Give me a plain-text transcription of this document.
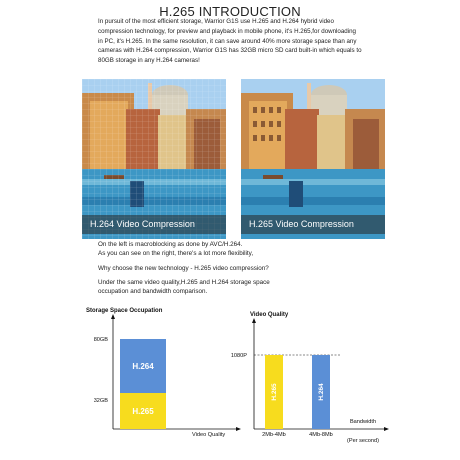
H.265 INTRODUCTION
In pursuit of the most efficient storage, Warrior G1S use H.265 and H.264 hybrid video
compression technology, for preview and playback in mobile phone, it's H.265,for downloading
in PC, it's H.265. In the same resolution, it can save around 40% more storage space than any
cameras with H.264 compression, Warrior G1S has 32GB micro SD card built-in which equals to
80GB storage in any H.264 cameras!
H.264 Video Compression	H.265 Video Compression
On the left is macroblocking as done by AVC/H.264.
As you can see on the right, there's a lot more flexibility,
Why choose the new technology - H.265 video compression?
Under the same video quality,H.265 and H.264 storage space
occupation and bandwidth comparison.
Storage Space Occupation
80GB
32GB
H.264
H.265
Video Quality
Video Quality
1080P
H.265	H.264
2Mb-4Mb	4Mb-8Mb
Bandwidth
(Per second)
